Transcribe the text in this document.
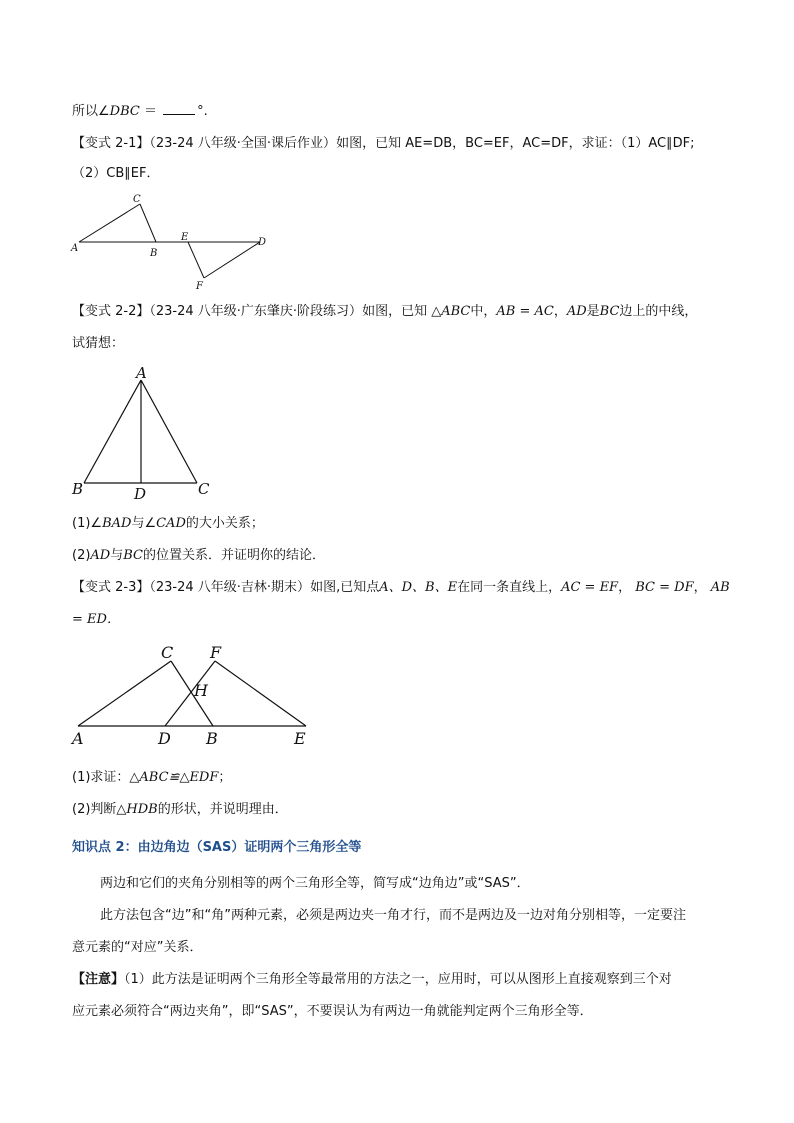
所以∠DBC ＝	°.
【变式 2-1】（23-24 八年级·全国·课后作业）如图，已知 AE=DB，BC=EF，AC=DF，求证：（1）AC∥DF;
（2）CB∥EF．
A
C
B
E	D
F
【变式 2-2】（23-24 八年级·广东肇庆·阶段练习）如图，已知 △ABC中，AB = AC，AD是BC边上的中线，
试猜想：
A
B	D	C
(1)∠BAD与∠CAD的大小关系；
(2)AD与BC的位置关系．并证明你的结论．
【变式 2-3】（23-24 八年级·吉林·期末）如图,已知点A、D、B、E在同一条直线上，AC = EF， BC = DF， AB
= ED．
C F
H
A	D B	E
(1)求证：△ABC≌△EDF；
(2)判断△HDB的形状，并说明理由．
知识点 2：由边角边（SAS）证明两个三角形全等
两边和它们的夹角分别相等的两个三角形全等，简写成“边角边”或“SAS”．
此方法包含“边”和“角”两种元素，必须是两边夹一角才行，而不是两边及一边对角分别相等，一定要注
意元素的“对应”关系．
【注意】（1）此方法是证明两个三角形全等最常用的方法之一，应用时，可以从图形上直接观察到三个对
应元素必须符合“两边夹角”，即“SAS”，不要误认为有两边一角就能判定两个三角形全等．
